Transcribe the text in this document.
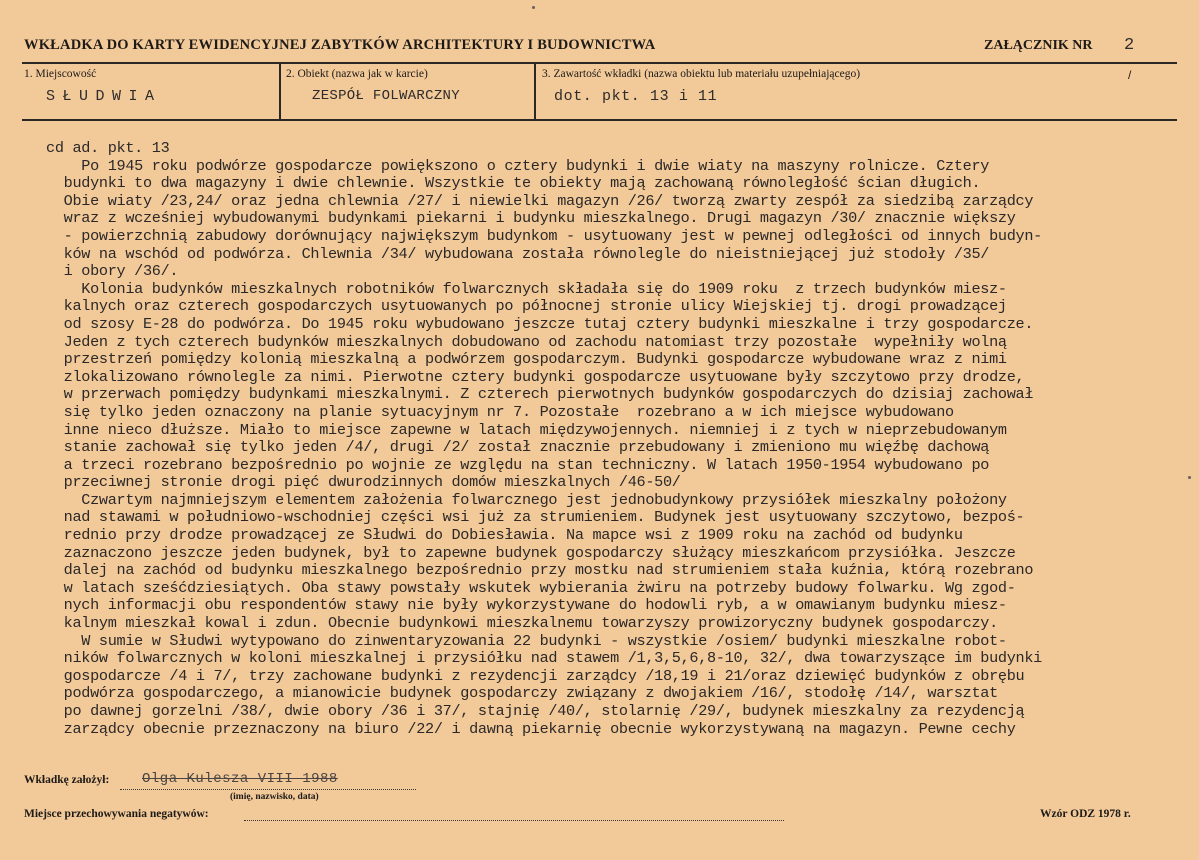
WKŁADKA DO KARTY EWIDENCYJNEJ ZABYTKÓW ARCHITEKTURY I BUDOWNICTWA	ZAŁĄCZNIK NR 2
1. Miejscowość	2. Obiekt (nazwa jak w karcie)	3. Zawartość wkładki (nazwa obiektu lub materiału uzupełniającego)	/
SŁUDWIA	ZESPÓŁ FOLWARCZNY	dot. pkt. 13 i 11
cd ad. pkt. 13
Po 1945 roku podwórze gospodarcze powiększono o cztery budynki i dwie wiaty na maszyny rolnicze. Cztery
budynki to dwa magazyny i dwie chlewnie. Wszystkie te obiekty mają zachowaną równoległość ścian długich.
Obie wiaty /23,24/ oraz jedna chlewnia /27/ i niewielki magazyn /26/ tworzą zwarty zespół za siedzibą zarządcy
wraz z wcześniej wybudowanymi budynkami piekarni i budynku mieszkalnego. Drugi magazyn /30/ znacznie większy
- powierzchnią zabudowy dorównujący największym budynkom - usytuowany jest w pewnej odległości od innych budyn-
ków na wschód od podwórza. Chlewnia /34/ wybudowana została równolegle do nieistniejącej już stodoły /35/
i obory /36/.
Kolonia budynków mieszkalnych robotników folwarcznych składała się do 1909 roku  z trzech budynków miesz-
kalnych oraz czterech gospodarczych usytuowanych po północnej stronie ulicy Wiejskiej tj. drogi prowadzącej
od szosy E-28 do podwórza. Do 1945 roku wybudowano jeszcze tutaj cztery budynki mieszkalne i trzy gospodarcze.
Jeden z tych czterech budynków mieszkalnych dobudowano od zachodu natomiast trzy pozostałe  wypełniły wolną
przestrzeń pomiędzy kolonią mieszkalną a podwórzem gospodarczym. Budynki gospodarcze wybudowane wraz z nimi
zlokalizowano równolegle za nimi. Pierwotne cztery budynki gospodarcze usytuowane były szczytowo przy drodze,
w przerwach pomiędzy budynkami mieszkalnymi. Z czterech pierwotnych budynków gospodarczych do dzisiaj zachował
się tylko jeden oznaczony na planie sytuacyjnym nr 7. Pozostałe  rozebrano a w ich miejsce wybudowano
inne nieco dłuższe. Miało to miejsce zapewne w latach międzywojennych. niemniej i z tych w nieprzebudowanym
stanie zachował się tylko jeden /4/, drugi /2/ został znacznie przebudowany i zmieniono mu więźbę dachową
a trzeci rozebrano bezpośrednio po wojnie ze względu na stan techniczny. W latach 1950-1954 wybudowano po
przeciwnej stronie drogi pięć dwurodzinnych domów mieszkalnych /46-50/
Czwartym najmniejszym elementem założenia folwarcznego jest jednobudynkowy przysiółek mieszkalny położony
nad stawami w południowo-wschodniej części wsi już za strumieniem. Budynek jest usytuowany szczytowo, bezpoś-
rednio przy drodze prowadzącej ze Słudwi do Dobiesławia. Na mapce wsi z 1909 roku na zachód od budynku
zaznaczono jeszcze jeden budynek, był to zapewne budynek gospodarczy służący mieszkańcom przysiółka. Jeszcze
dalej na zachód od budynku mieszkalnego bezpośrednio przy mostku nad strumieniem stała kuźnia, którą rozebrano
w latach sześćdziesiątych. Oba stawy powstały wskutek wybierania żwiru na potrzeby budowy folwarku. Wg zgod-
nych informacji obu respondentów stawy nie były wykorzystywane do hodowli ryb, a w omawianym budynku miesz-
kalnym mieszkał kowal i zdun. Obecnie budynkowi mieszkalnemu towarzyszy prowizoryczny budynek gospodarczy.
W sumie w Słudwi wytypowano do zinwentaryzowania 22 budynki - wszystkie /osiem/ budynki mieszkalne robot-
ników folwarcznych w koloni mieszkalnej i przysiółku nad stawem /1,3,5,6,8-10, 32/, dwa towarzyszące im budynki
gospodarcze /4 i 7/, trzy zachowane budynki z rezydencji zarządcy /18,19 i 21/oraz dziewięć budynków z obrębu
podwórza gospodarczego, a mianowicie budynek gospodarczy związany z dwojakiem /16/, stodołę /14/, warsztat
po dawnej gorzelni /38/, dwie obory /36 i 37/, stajnię /40/, stolarnię /29/, budynek mieszkalny za rezydencją
zarządcy obecnie przeznaczony na biuro /22/ i dawną piekarnię obecnie wykorzystywaną na magazyn. Pewne cechy
Wkładkę założył: Olga Kulesza VIII 1988
(imię, nazwisko, data)
Miejsce przechowywania negatywów:	Wzór ODZ 1978 r.
